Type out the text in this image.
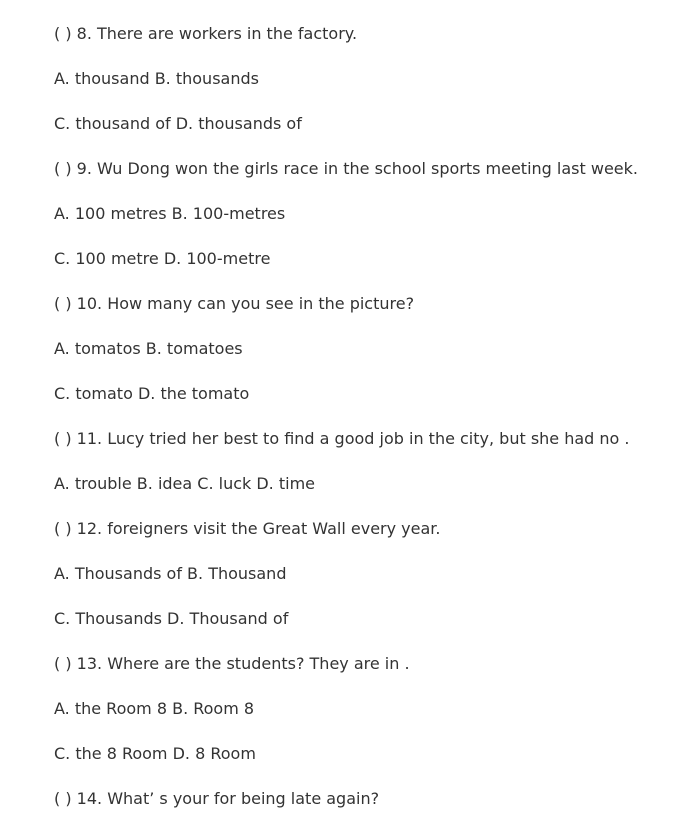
( ) 8. There are workers in the factory.
A. thousand B. thousands
C. thousand of D. thousands of
( ) 9. Wu Dong won the girls race in the school sports meeting last week.
A. 100 metres B. 100-metres
C. 100 metre D. 100-metre
( ) 10. How many can you see in the picture?
A. tomatos B. tomatoes
C. tomato D. the tomato
( ) 11. Lucy tried her best to find a good job in the city, but she had no .
A. trouble B. idea C. luck D. time
( ) 12. foreigners visit the Great Wall every year.
A. Thousands of B. Thousand
C. Thousands D. Thousand of
( ) 13. Where are the students? They are in .
A. the Room 8 B. Room 8
C. the 8 Room D. 8 Room
( ) 14. What’ s your for being late again?
